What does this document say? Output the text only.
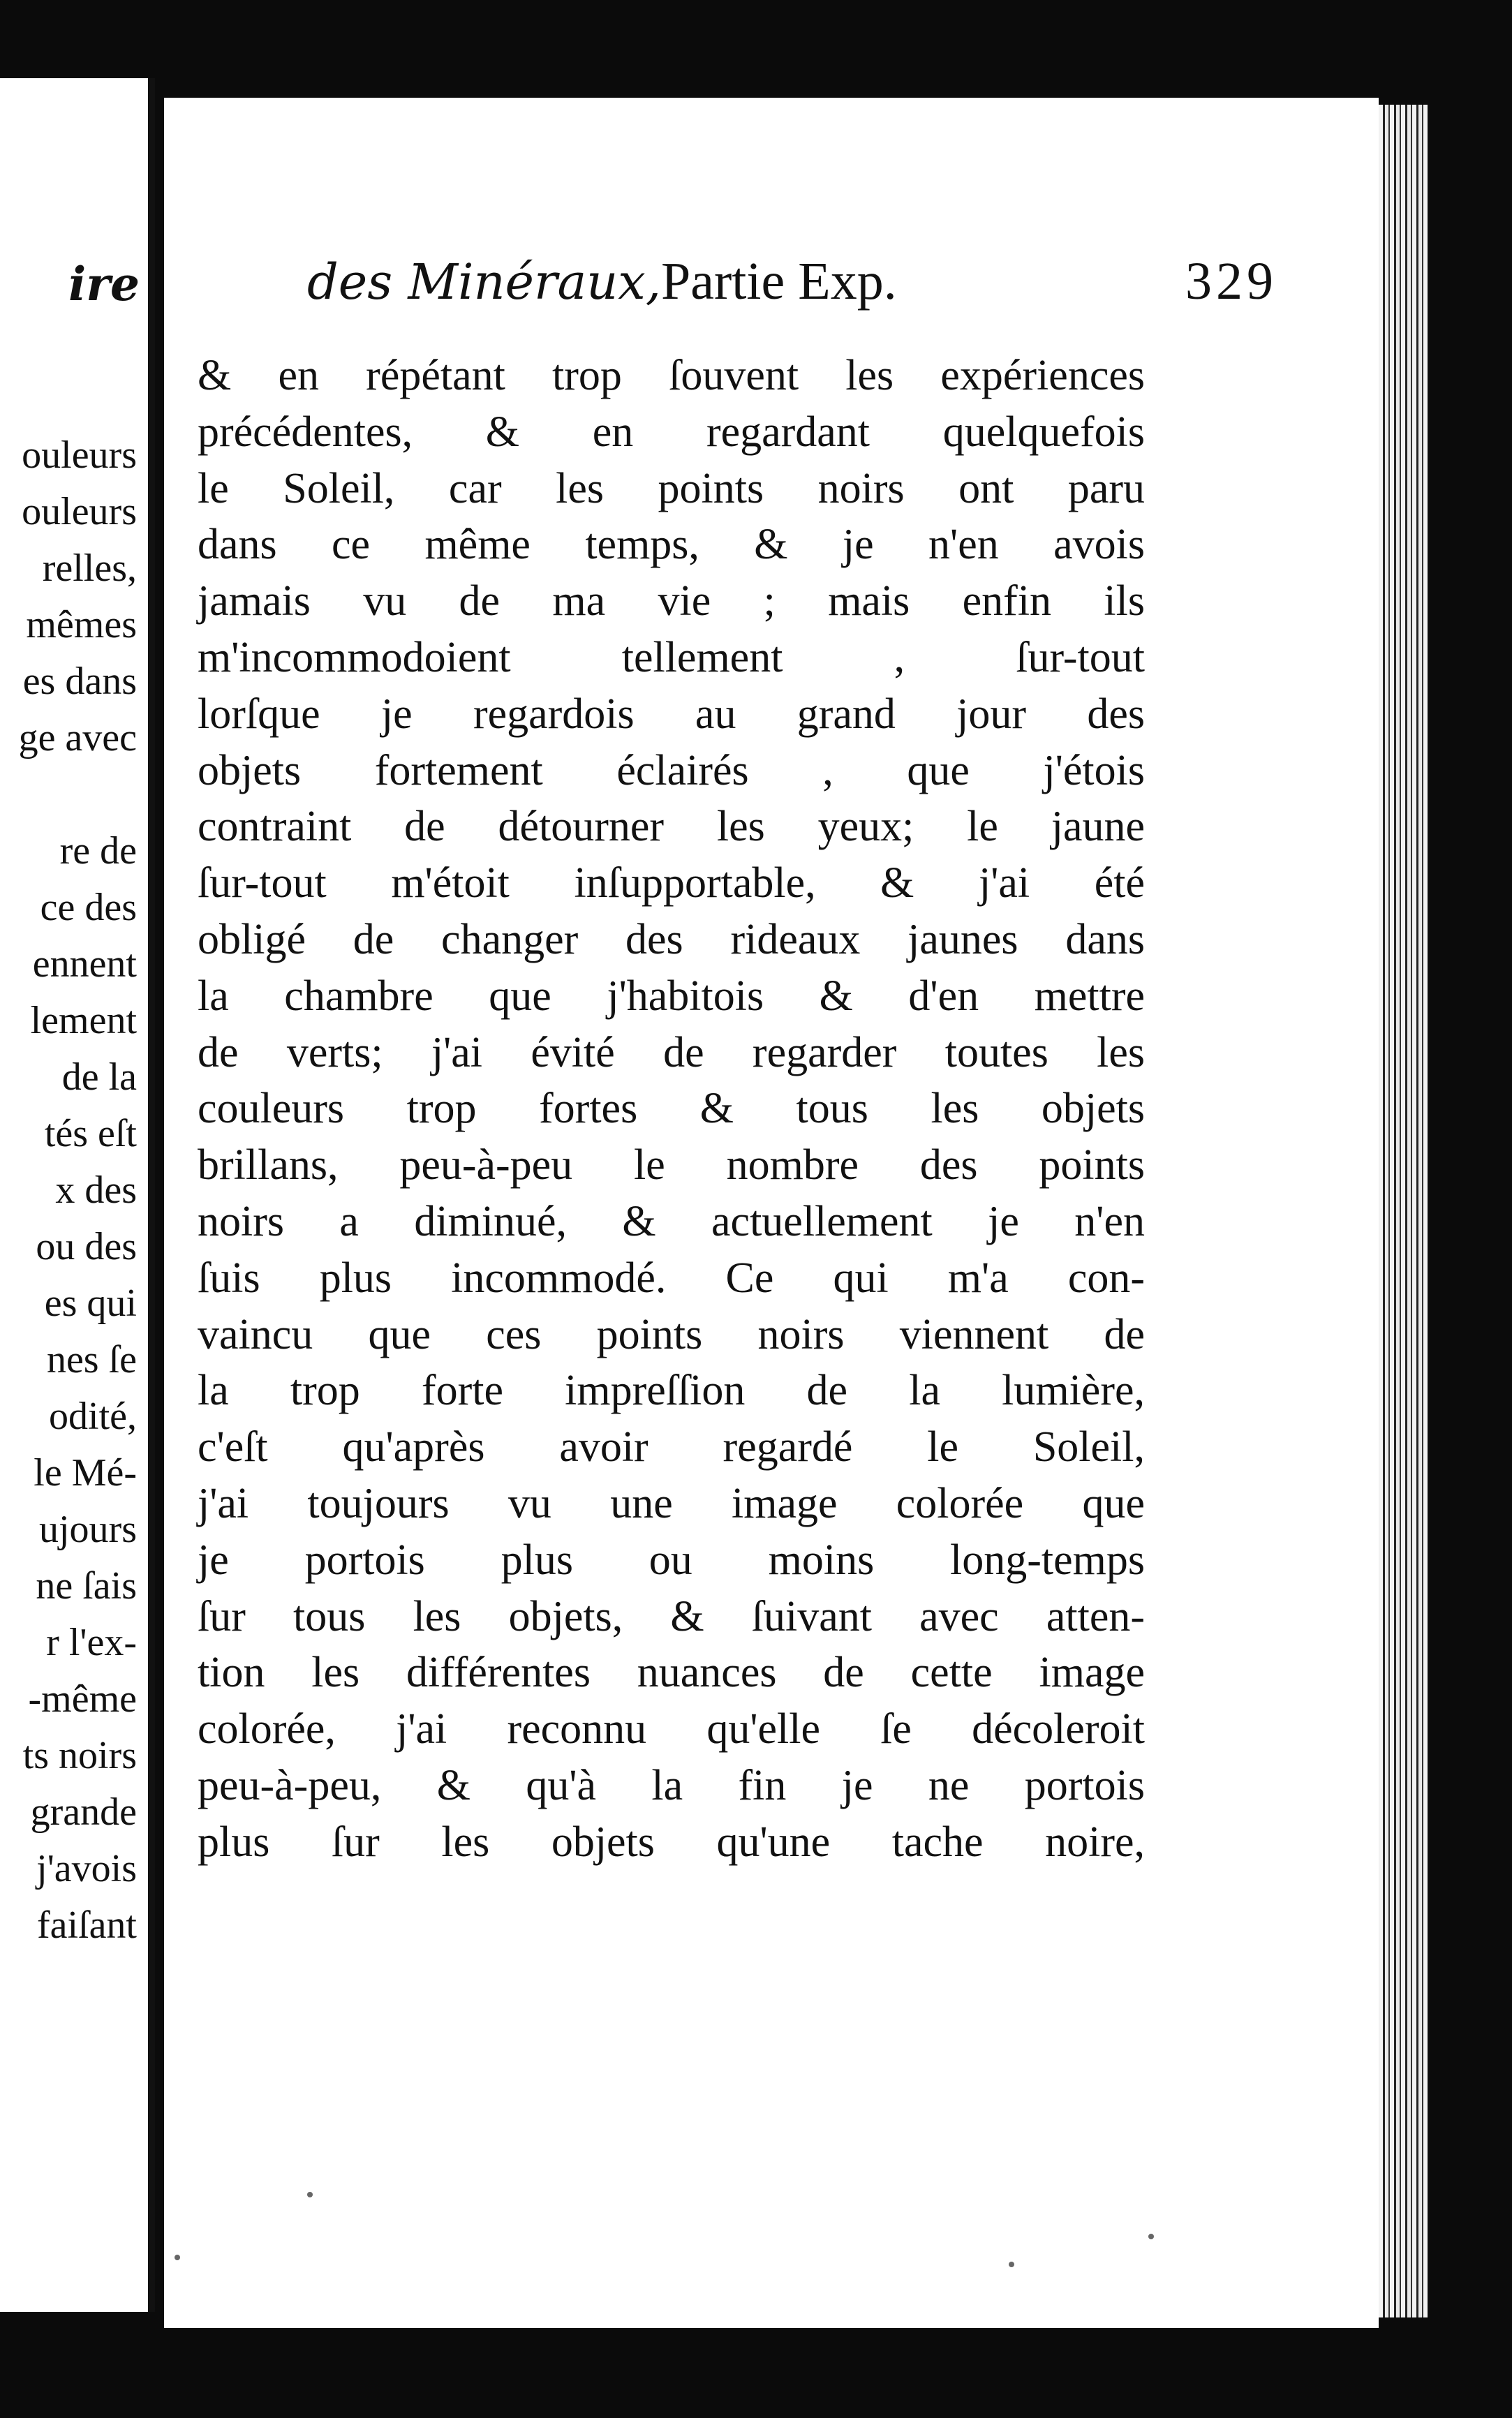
ire
ouleurs
ouleurs
relles,
mêmes
es dans
ge avec
re de
ce des
ennent
lement
de la
tés eſt
x des
ou des
es qui
nes ſe
odité,
le Mé-
ujours
ne ſais
r l'ex-
-même
ts noirs
grande
j'avois
faiſant
des Minéraux, Partie Exp.	329
& en répétant trop ſouvent les expériences
précédentes, & en regardant quelquefois
le Soleil, car les points noirs ont paru
dans ce même temps, & je n'en avois
jamais vu de ma vie ; mais enfin ils
m'incommodoient tellement , ſur-tout
lorſque je regardois au grand jour des
objets fortement éclairés , que j'étois
contraint de détourner les yeux; le jaune
ſur-tout m'étoit inſupportable, & j'ai été
obligé de changer des rideaux jaunes dans
la chambre que j'habitois & d'en mettre
de verts; j'ai évité de regarder toutes les
couleurs trop fortes & tous les objets
brillans, peu-à-peu le nombre des points
noirs a diminué, & actuellement je n'en
ſuis plus incommodé. Ce qui m'a con-
vaincu que ces points noirs viennent de
la trop forte impreſſion de la lumière,
c'eſt qu'après avoir regardé le Soleil,
j'ai toujours vu une image colorée que
je portois plus ou moins long-temps
ſur tous les objets, & ſuivant avec atten-
tion les différentes nuances de cette image
colorée, j'ai reconnu qu'elle ſe décoleroit
peu-à-peu, & qu'à la fin je ne portois
plus ſur les objets qu'une tache noire,
